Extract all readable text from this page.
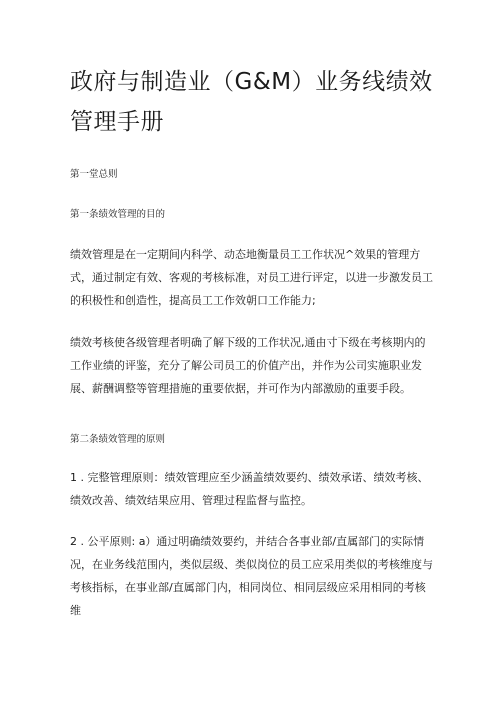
政府与制造业（G&M）业务线绩效管理手册
第一堂总则
第一条绩效管理的目的

绩效管理是在一定期间内科学、动态地衡量员工工作状况^效果的管理方式，通过制定有效、客观的考核标准，对员工进行评定，以进一步激发员工的积极性和创造性，提高员工工作效朝口工作能力;

绩效考核使各级管理者明确了解下级的工作状况,通由寸下级在考核期内的工作业绩的评鉴，充分了解公司员工的价值产出，并作为公司实施职业发展、薪酬调整等管理措施的重要依据，并可作为内部激励的重要手段。

第二条绩效管理的原则

1 . 完整管理原则：绩效管理应至少涵盖绩效要约、绩效承诺、绩效考核、绩效改善、绩效结果应用、管理过程监督与监控。

2 . 公平原则: a）通过明确绩效要约，并结合各事业部/直属部门的实际情况，在业务线范围内，类似层级、类似岗位的员工应采用类似的考核维度与考核指标，在事业部/直属部门内，相同岗位、相同层级应采用相同的考核维
